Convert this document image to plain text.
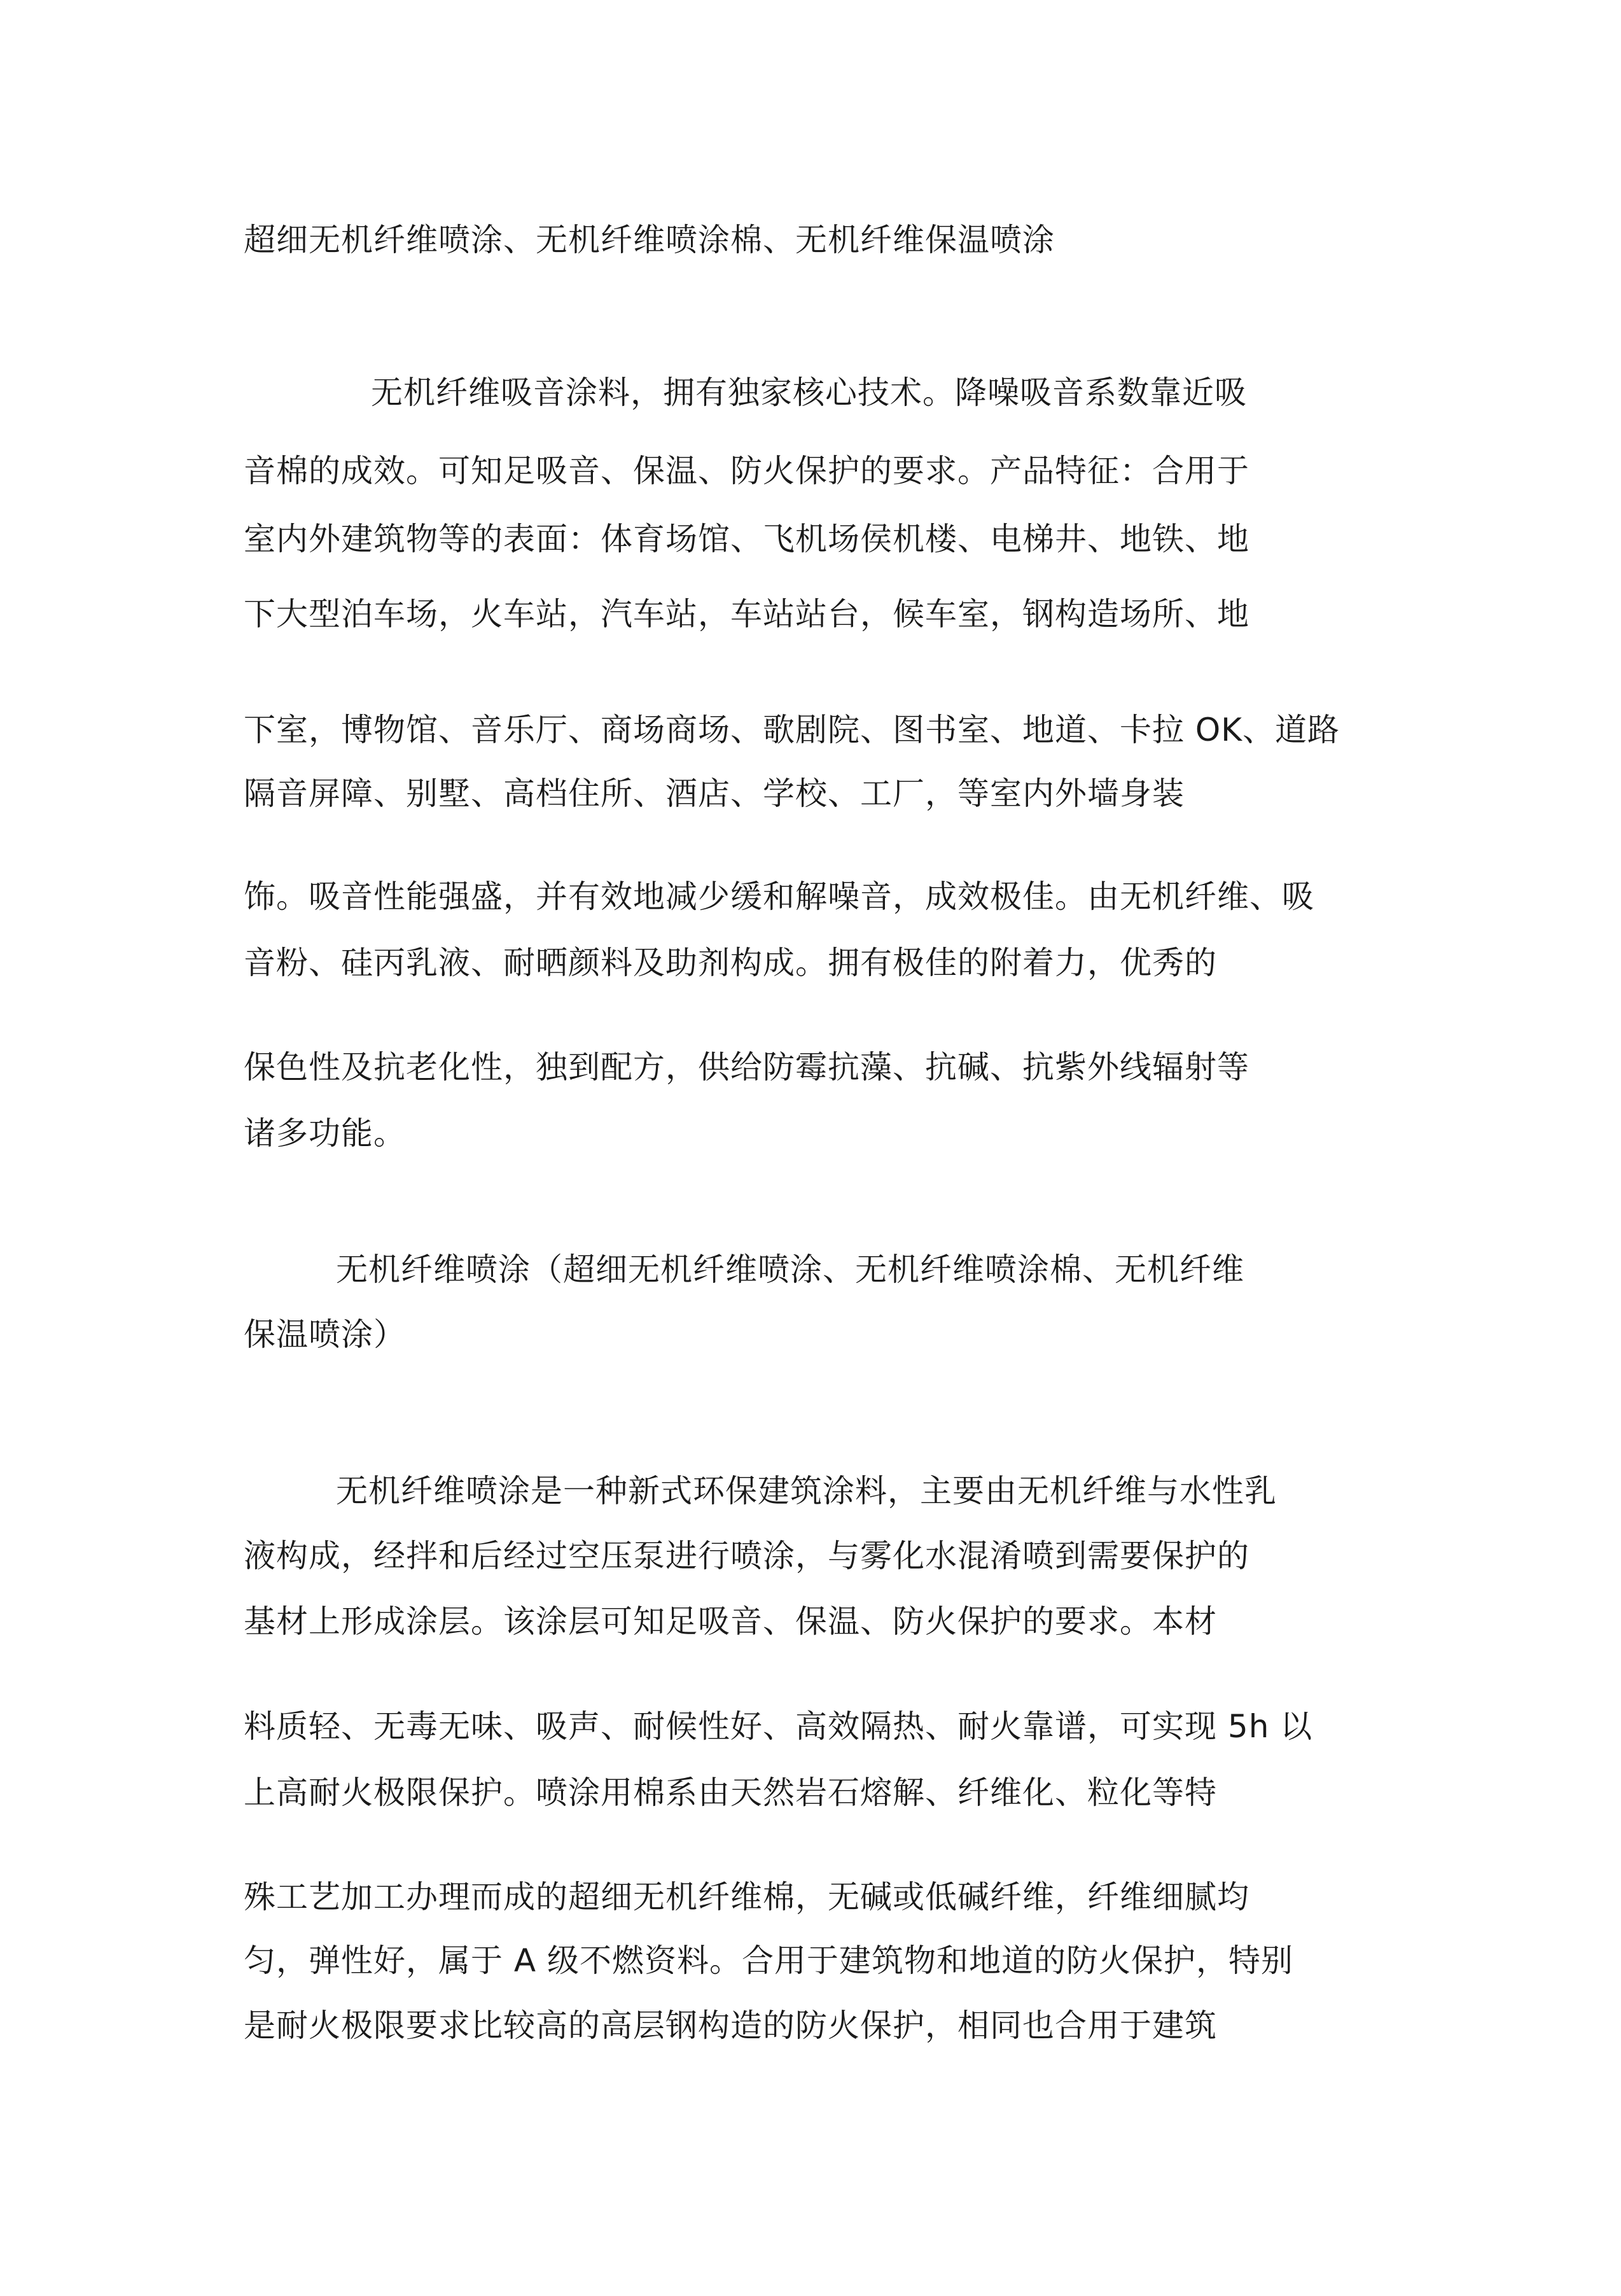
超细无机纤维喷涂、无机纤维喷涂棉、无机纤维保温喷涂
无机纤维吸音涂料，拥有独家核心技术。降噪吸音系数靠近吸
音棉的成效。可知足吸音、保温、防火保护的要求。产品特征：合用于
室内外建筑物等的表面：体育场馆、飞机场侯机楼、电梯井、地铁、地
下大型泊车场，火车站，汽车站，车站站台，候车室，钢构造场所、地
下室，博物馆、音乐厅、商场商场、歌剧院、图书室、地道、卡拉 OK、道路
隔音屏障、别墅、高档住所、酒店、学校、工厂，等室内外墙身装
饰。吸音性能强盛，并有效地减少缓和解噪音，成效极佳。由无机纤维、吸
音粉、硅丙乳液、耐晒颜料及助剂构成。拥有极佳的附着力，优秀的
保色性及抗老化性，独到配方，供给防霉抗藻、抗碱、抗紫外线辐射等
诸多功能。
无机纤维喷涂（超细无机纤维喷涂、无机纤维喷涂棉、无机纤维
保温喷涂）
无机纤维喷涂是一种新式环保建筑涂料，主要由无机纤维与水性乳
液构成，经拌和后经过空压泵进行喷涂，与雾化水混淆喷到需要保护的
基材上形成涂层。该涂层可知足吸音、保温、防火保护的要求。本材
料质轻、无毒无味、吸声、耐候性好、高效隔热、耐火靠谱，可实现 5h 以
上高耐火极限保护。喷涂用棉系由天然岩石熔解、纤维化、粒化等特
殊工艺加工办理而成的超细无机纤维棉，无碱或低碱纤维，纤维细腻均
匀，弹性好，属于 A 级不燃资料。合用于建筑物和地道的防火保护，特别
是耐火极限要求比较高的高层钢构造的防火保护，相同也合用于建筑
